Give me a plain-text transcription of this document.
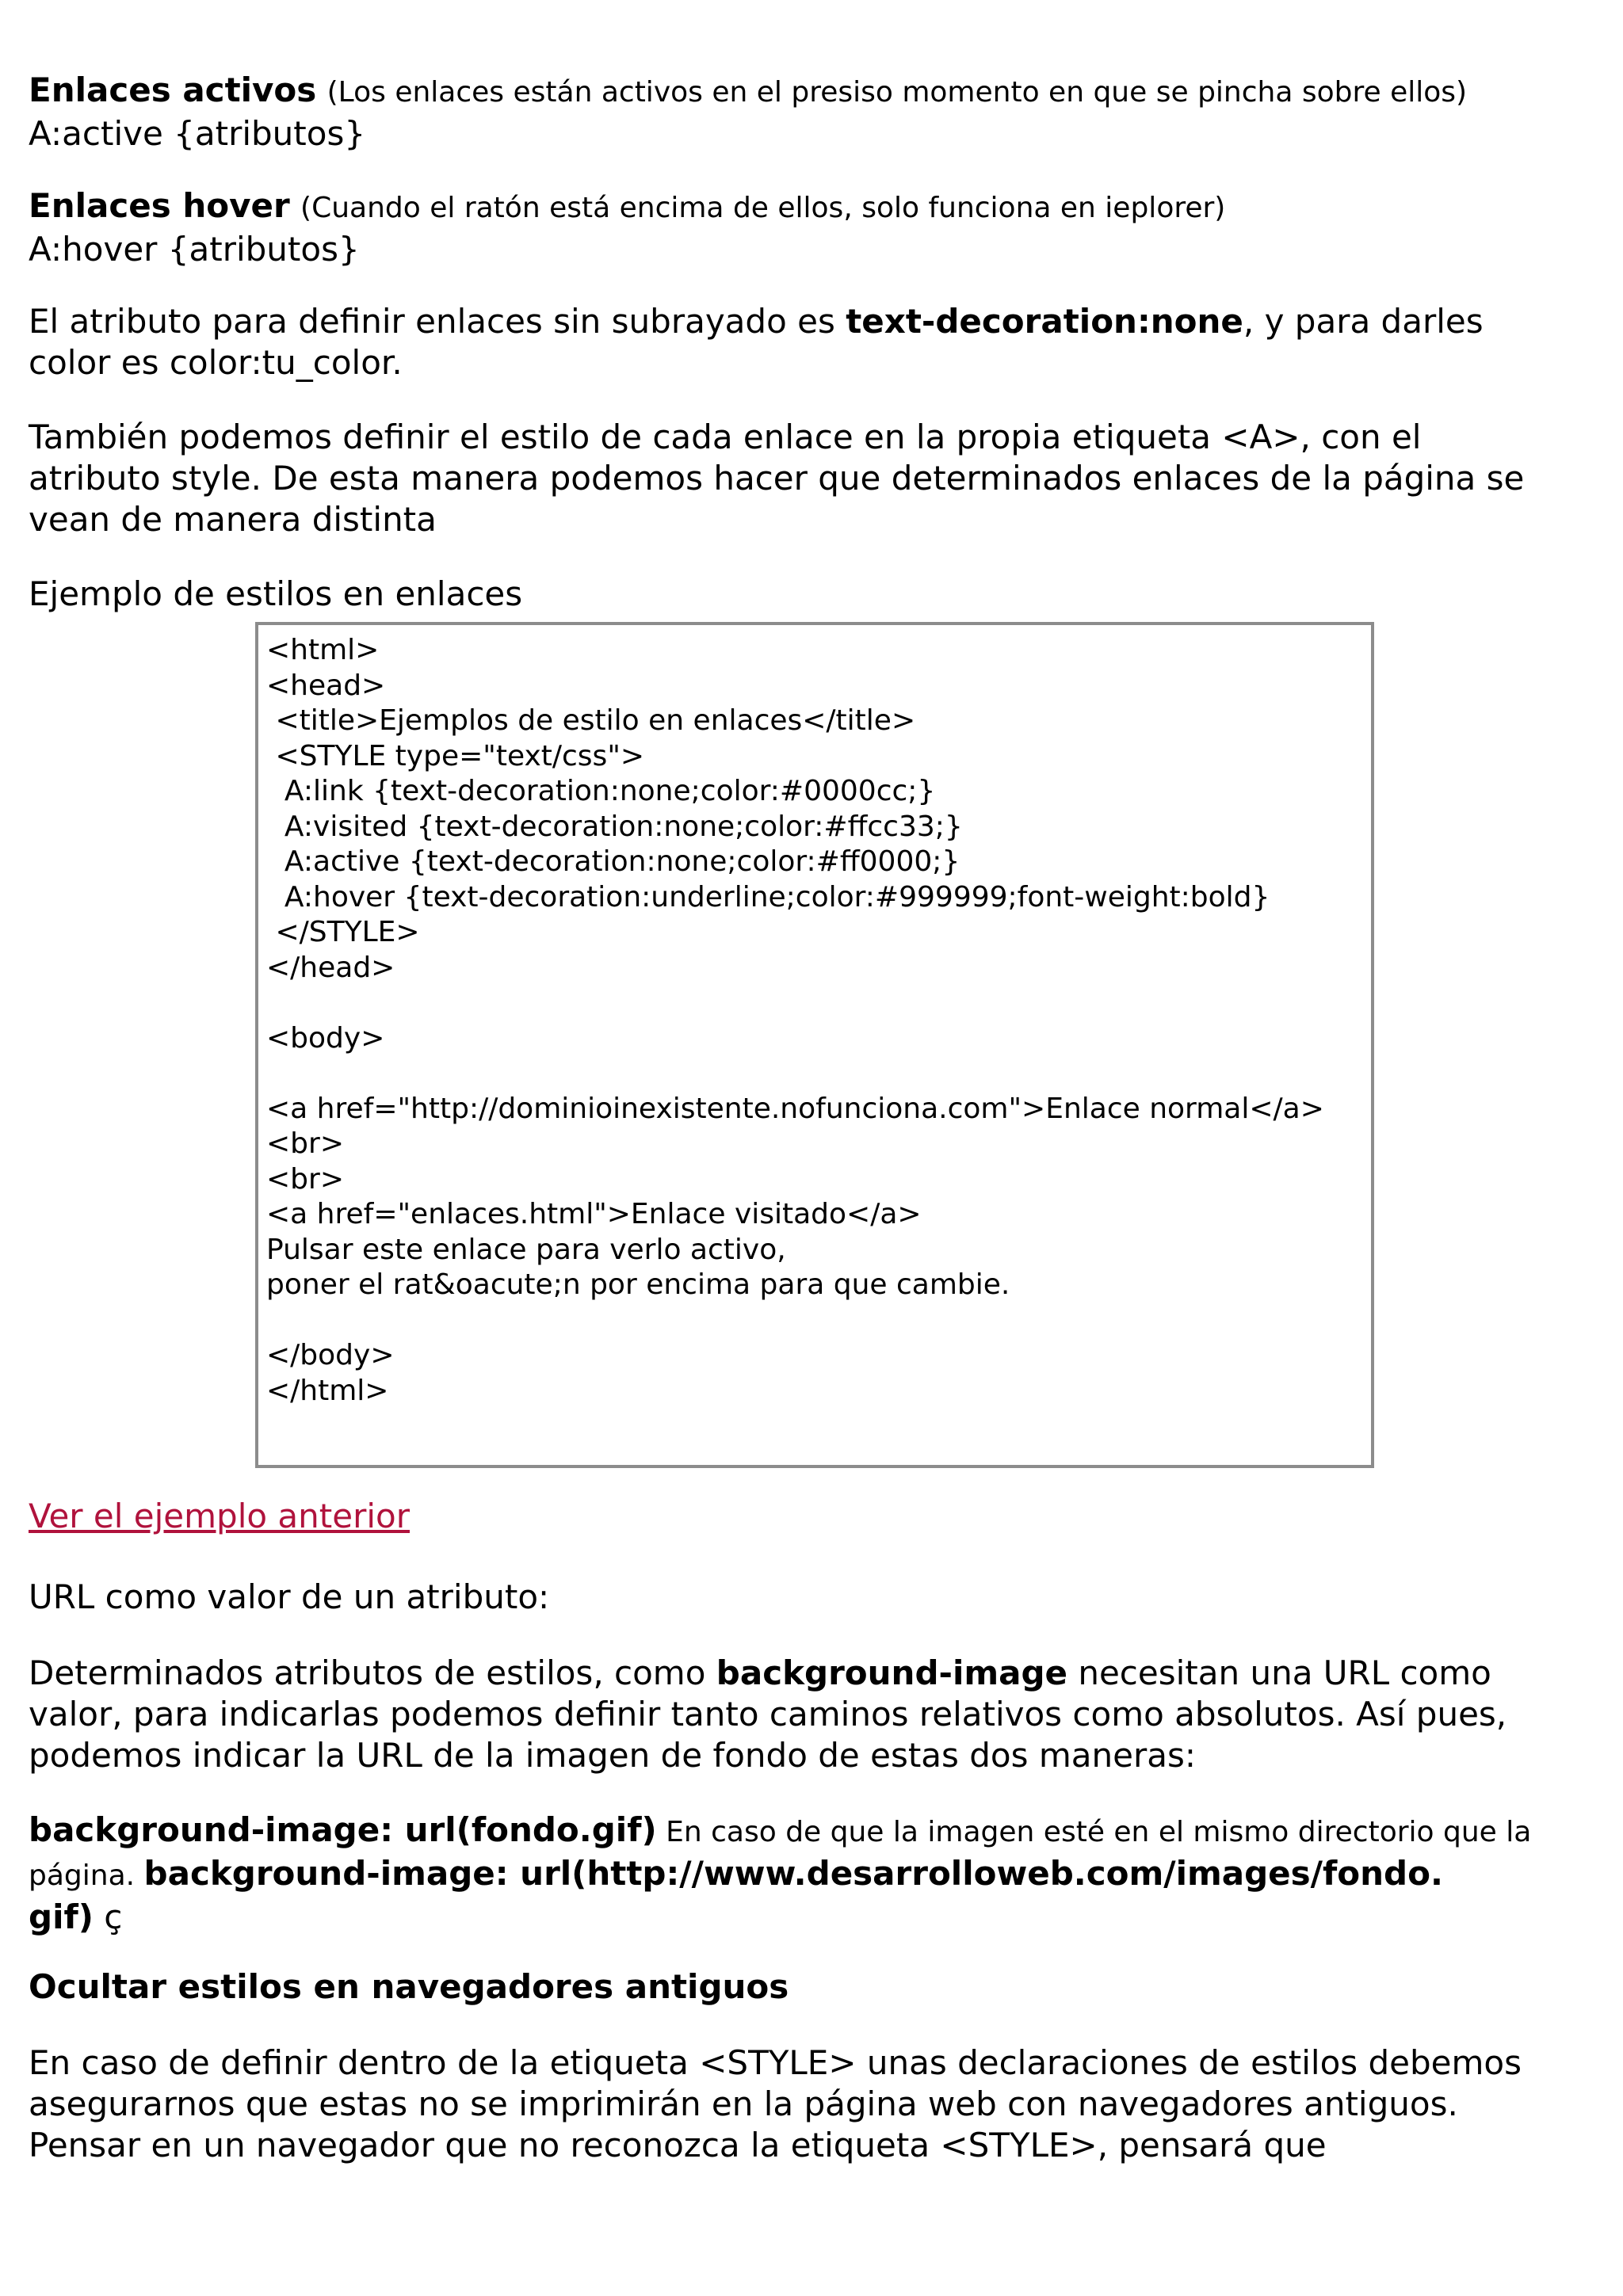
Enlaces activos (Los enlaces están activos en el presiso momento en que se pincha sobre ellos)

A:active {atributos}

Enlaces hover (Cuando el ratón está encima de ellos, solo funciona en ieplorer)

A:hover {atributos}

El atributo para definir enlaces sin subrayado es text-decoration:none, y para darles

color es color:tu_color.

También podemos definir el estilo de cada enlace en la propia etiqueta <A>, con el

atributo style. De esta manera podemos hacer que determinados enlaces de la página se

vean de manera distinta

Ejemplo de estilos en enlaces

<html>
<head>
<title>Ejemplos de estilo en enlaces</title>
<STYLE type="text/css">
A:link {text-decoration:none;color:#0000cc;}
A:visited {text-decoration:none;color:#ffcc33;}
A:active {text-decoration:none;color:#ff0000;}
A:hover {text-decoration:underline;color:#999999;font-weight:bold}
</STYLE>
</head>
<body>
<a href="http://dominioinexistente.nofunciona.com">Enlace normal</a>
<br>
<br>
<a href="enlaces.html">Enlace visitado</a>
Pulsar este enlace para verlo activo,
poner el rat&oacute;n por encima para que cambie.
</body>
</html>

Ver el ejemplo anterior

URL como valor de un atributo:

Determinados atributos de estilos, como background-image necesitan una URL como

valor, para indicarlas podemos definir tanto caminos relativos como absolutos. Así pues,

podemos indicar la URL de la imagen de fondo de estas dos maneras:

background-image: url(fondo.gif) En caso de que la imagen esté en el mismo directorio que la

página. background-image: url(http://www.desarrolloweb.com/images/fondo.

gif) ç

Ocultar estilos en navegadores antiguos

En caso de definir dentro de la etiqueta <STYLE> unas declaraciones de estilos debemos

asegurarnos que estas no se imprimirán en la página web con navegadores antiguos.

Pensar en un navegador que no reconozca la etiqueta <STYLE>, pensará que
